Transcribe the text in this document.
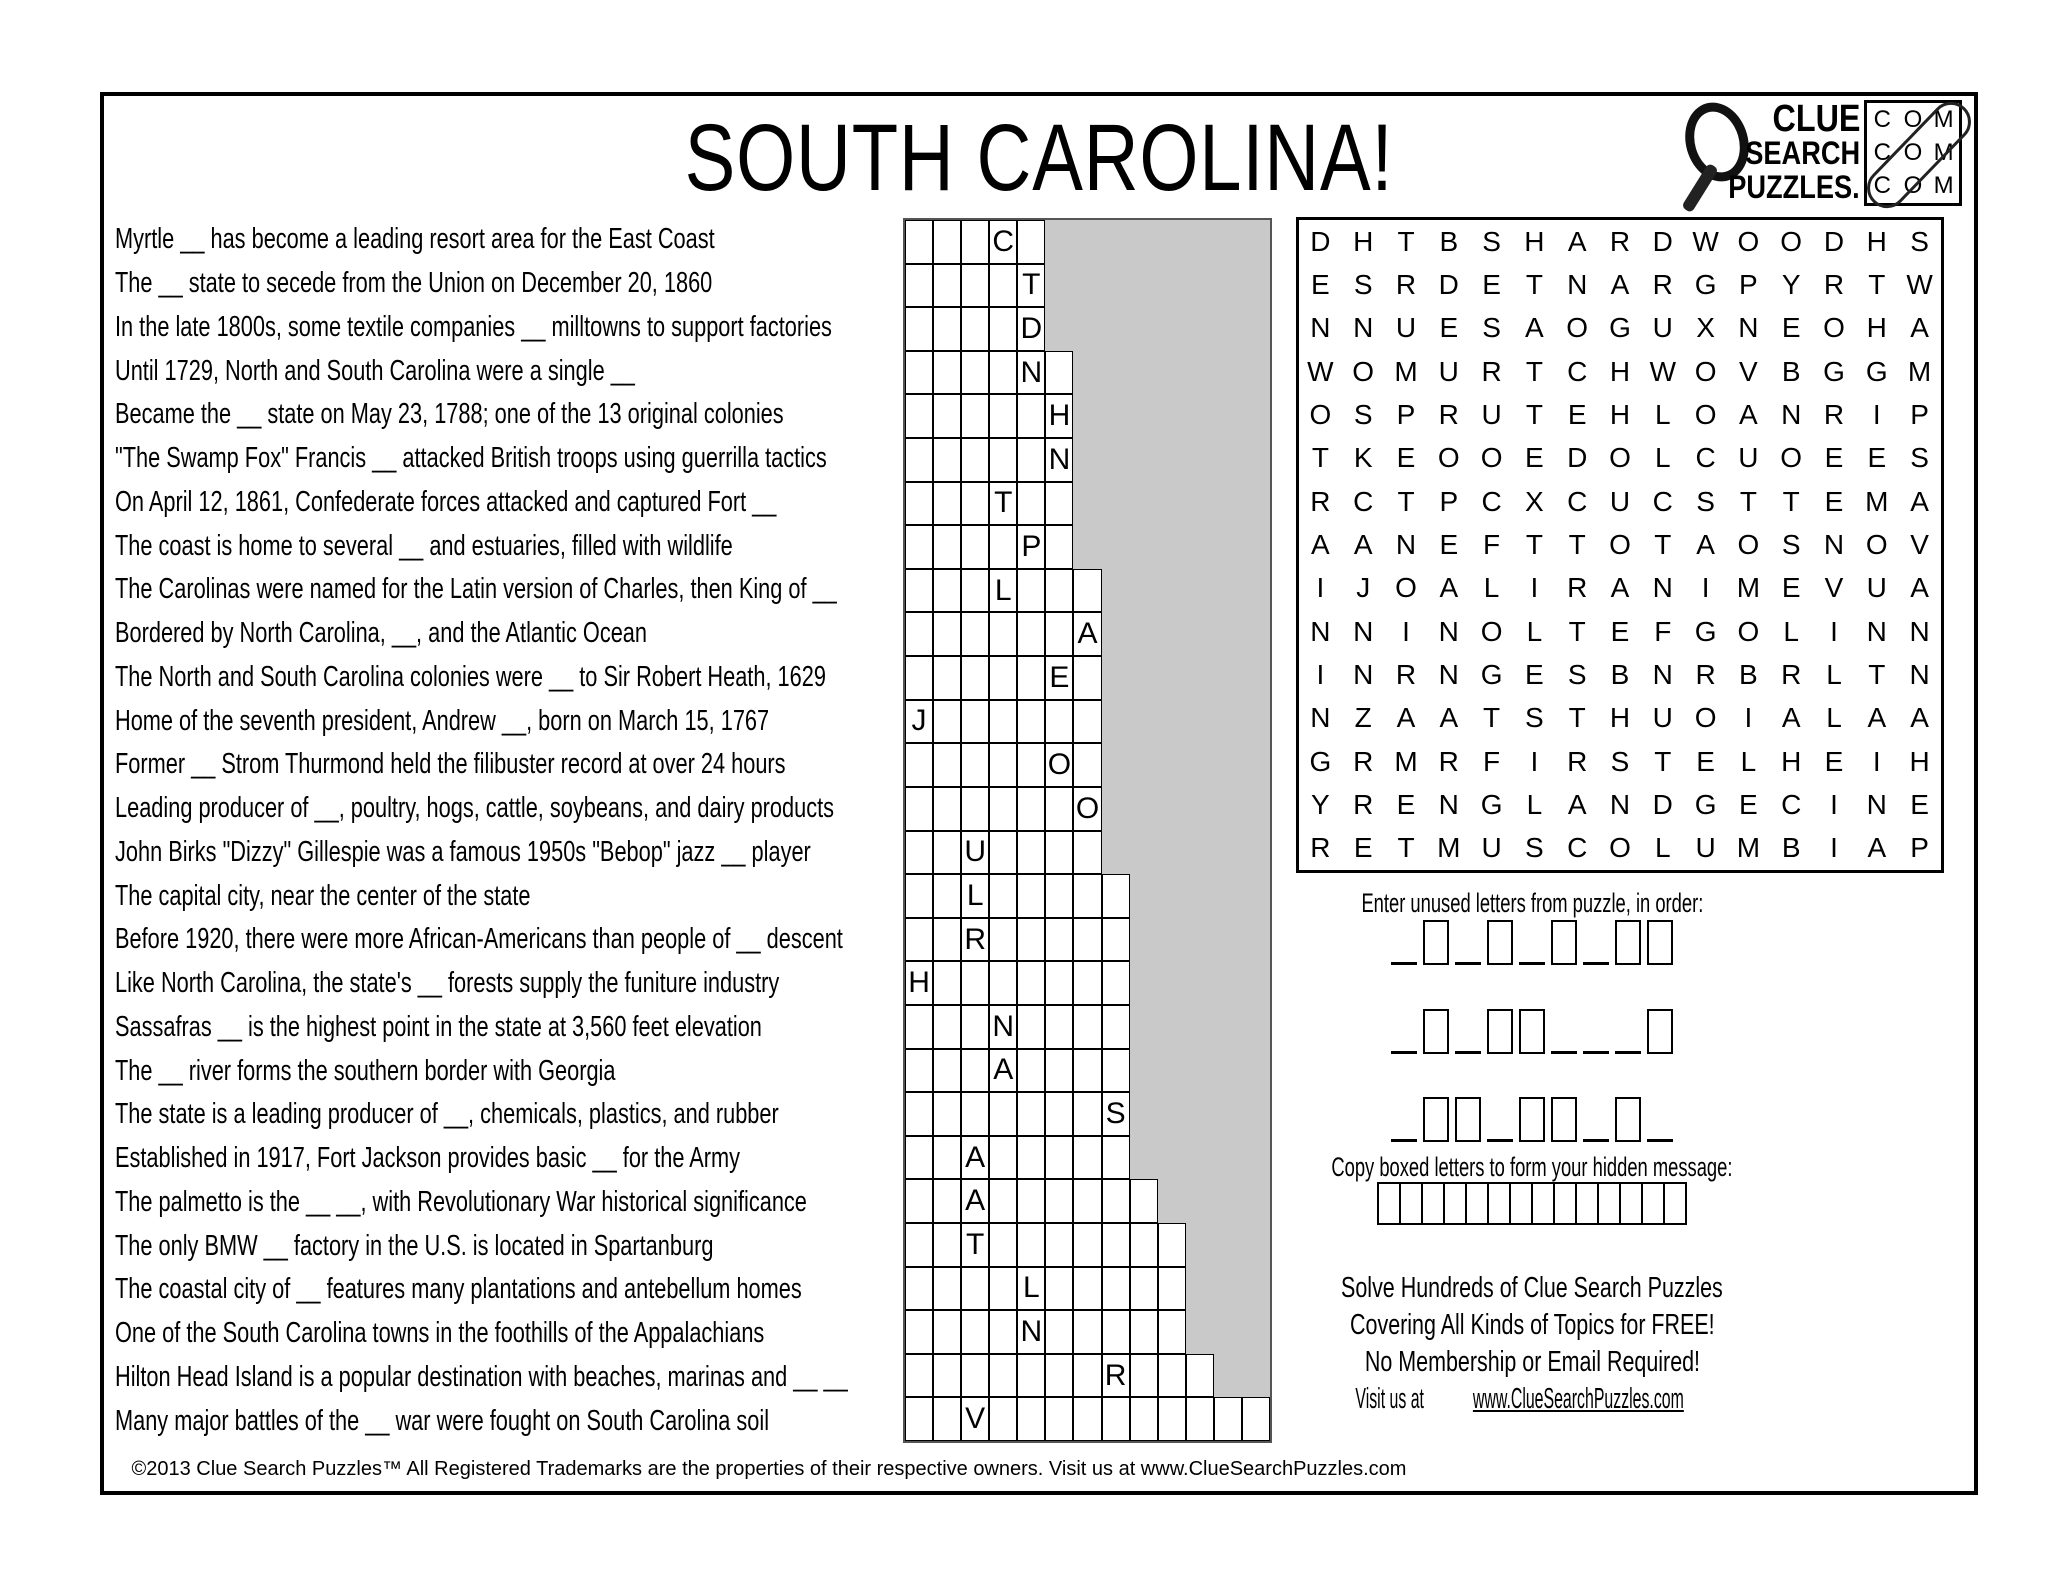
SOUTH CAROLINA!	CLUE
SEARCH
PUZZLES.
C O M
C O M
C O M
Myrtle __ has become a leading resort area for the East Coast
The __ state to secede from the Union on December 20, 1860
In the late 1800s, some textile companies __ milltowns to support factories
Until 1729, North and South Carolina were a single __
Became the __ state on May 23, 1788; one of the 13 original colonies
"The Swamp Fox" Francis __ attacked British troops using guerrilla tactics
On April 12, 1861, Confederate forces attacked and captured Fort __
The coast is home to several __ and estuaries, filled with wildlife
The Carolinas were named for the Latin version of Charles, then King of __
Bordered by North Carolina, __, and the Atlantic Ocean
The North and South Carolina colonies were __ to Sir Robert Heath, 1629
Home of the seventh president, Andrew __, born on March 15, 1767
Former __ Strom Thurmond held the filibuster record at over 24 hours
Leading producer of __, poultry, hogs, cattle, soybeans, and dairy products
John Birks "Dizzy" Gillespie was a famous 1950s "Bebop" jazz __ player
The capital city, near the center of the state
Before 1920, there were more African-Americans than people of __ descent
Like North Carolina, the state's __ forests supply the funiture industry
Sassafras __ is the highest point in the state at 3,560 feet elevation
The __ river forms the southern border with Georgia
The state is a leading producer of __, chemicals, plastics, and rubber
Established in 1917, Fort Jackson provides basic __ for the Army
The palmetto is the __ __, with Revolutionary War historical significance
The only BMW __ factory in the U.S. is located in Spartanburg
The coastal city of __ features many plantations and antebellum homes
One of the South Carolina towns in the foothills of the Appalachians
Hilton Head Island is a popular destination with beaches, marinas and __ __
Many major battles of the __ war were fought on South Carolina soil
C
T
D
N
H
N
T
P
L
A
E
J
O
O
U
L
R
H
N
A
S
A
A
T
L
N
R
V
D H T B S H A R D W O O D H S
E S R D E T N A R G P Y R T W
N N U E S A O G U X N E O H A
W O M U R T C H W O V B G G M
O S P R U T E H L O A N R	I	P
T K E O O E D O L C U O E E S
R C T P C X C U C S T T E M A
A A N E F T T O T A O S N O V
I	J O A L	I	R A N	I M E V U A
N N	I	N O L T E F G O L	I	N N
I	N R N G E S B N R B R L T N
N Z A A T S T H U O	I	A L A A
G R M R F	I	R S T E L H E	I	H
Y R E N G L A N D G E C	I	N E
R E T M U S C O L U M B	I	A P
Enter unused letters from puzzle, in order:
Copy boxed letters to form your hidden message:
Solve Hundreds of Clue Search Puzzles
Covering All Kinds of Topics for FREE!
No Membership or Email Required!
Visit us atwww.ClueSearchPuzzles.com
©2013 Clue Search Puzzles™ All Registered Trademarks are the properties of their respective owners. Visit us at www.ClueSearchPuzzles.com
